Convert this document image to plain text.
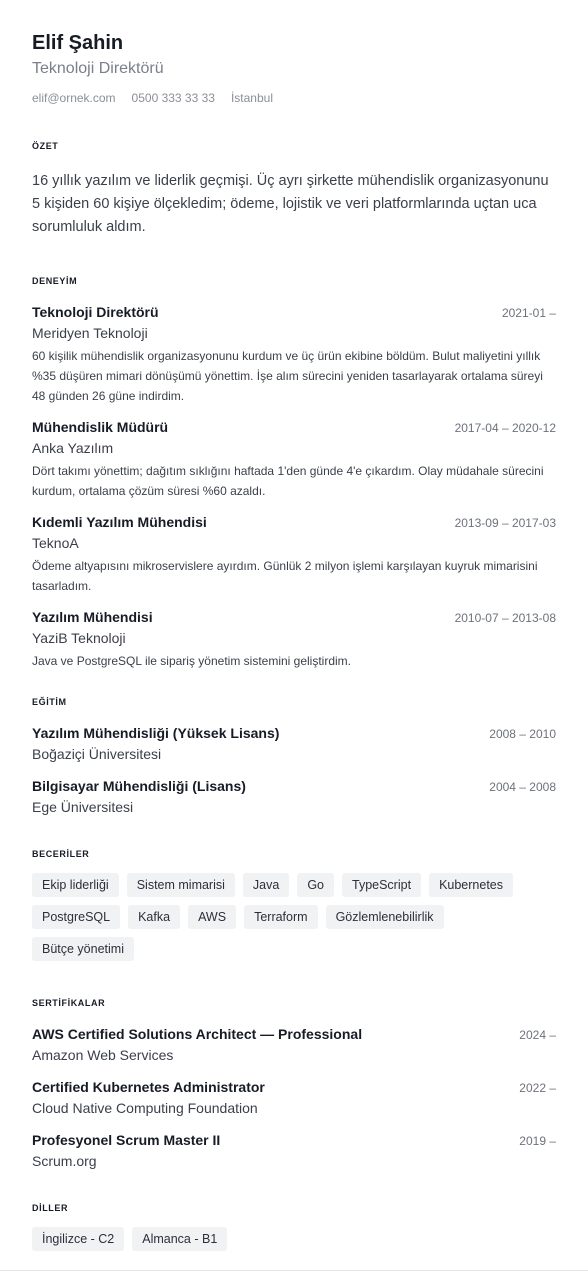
Elif Şahin
Teknoloji Direktörü
elif@ornek.com 0500 333 33 33 İstanbul
ÖZET
16 yıllık yazılım ve liderlik geçmişi. Üç ayrı şirkette mühendislik organizasyonunu 5 kişiden 60 kişiye ölçekledim; ödeme, lojistik ve veri platformlarında uçtan uca sorumluluk aldım.
DENEYİM
Teknoloji Direktörü	2021-01 –
Meridyen Teknoloji
60 kişilik mühendislik organizasyonunu kurdum ve üç ürün ekibine böldüm. Bulut maliyetini yıllık %35 düşüren mimari dönüşümü yönettim. İşe alım sürecini yeniden tasarlayarak ortalama süreyi 48 günden 26 güne indirdim.
Mühendislik Müdürü	2017-04 – 2020-12
Anka Yazılım
Dört takımı yönettim; dağıtım sıklığını haftada 1'den günde 4'e çıkardım. Olay müdahale sürecini kurdum, ortalama çözüm süresi %60 azaldı.
Kıdemli Yazılım Mühendisi	2013-09 – 2017-03
TeknoA
Ödeme altyapısını mikroservislere ayırdım. Günlük 2 milyon işlemi karşılayan kuyruk mimarisini tasarladım.
Yazılım Mühendisi	2010-07 – 2013-08
YaziB Teknoloji
Java ve PostgreSQL ile sipariş yönetim sistemini geliştirdim.
EĞİTİM
Yazılım Mühendisliği (Yüksek Lisans)	2008 – 2010
Boğaziçi Üniversitesi
Bilgisayar Mühendisliği (Lisans)	2004 – 2008
Ege Üniversitesi
BECERİLER
Ekip liderliği	Sistem mimarisi	Java	Go	TypeScript	Kubernetes
PostgreSQL	Kafka	AWS	Terraform	Gözlemlenebilirlik
Bütçe yönetimi
SERTİFİKALAR
AWS Certified Solutions Architect — Professional	2024 –
Amazon Web Services
Certified Kubernetes Administrator	2022 –
Cloud Native Computing Foundation
Profesyonel Scrum Master II	2019 –
Scrum.org
DİLLER
İngilizce - C2	Almanca - B1
